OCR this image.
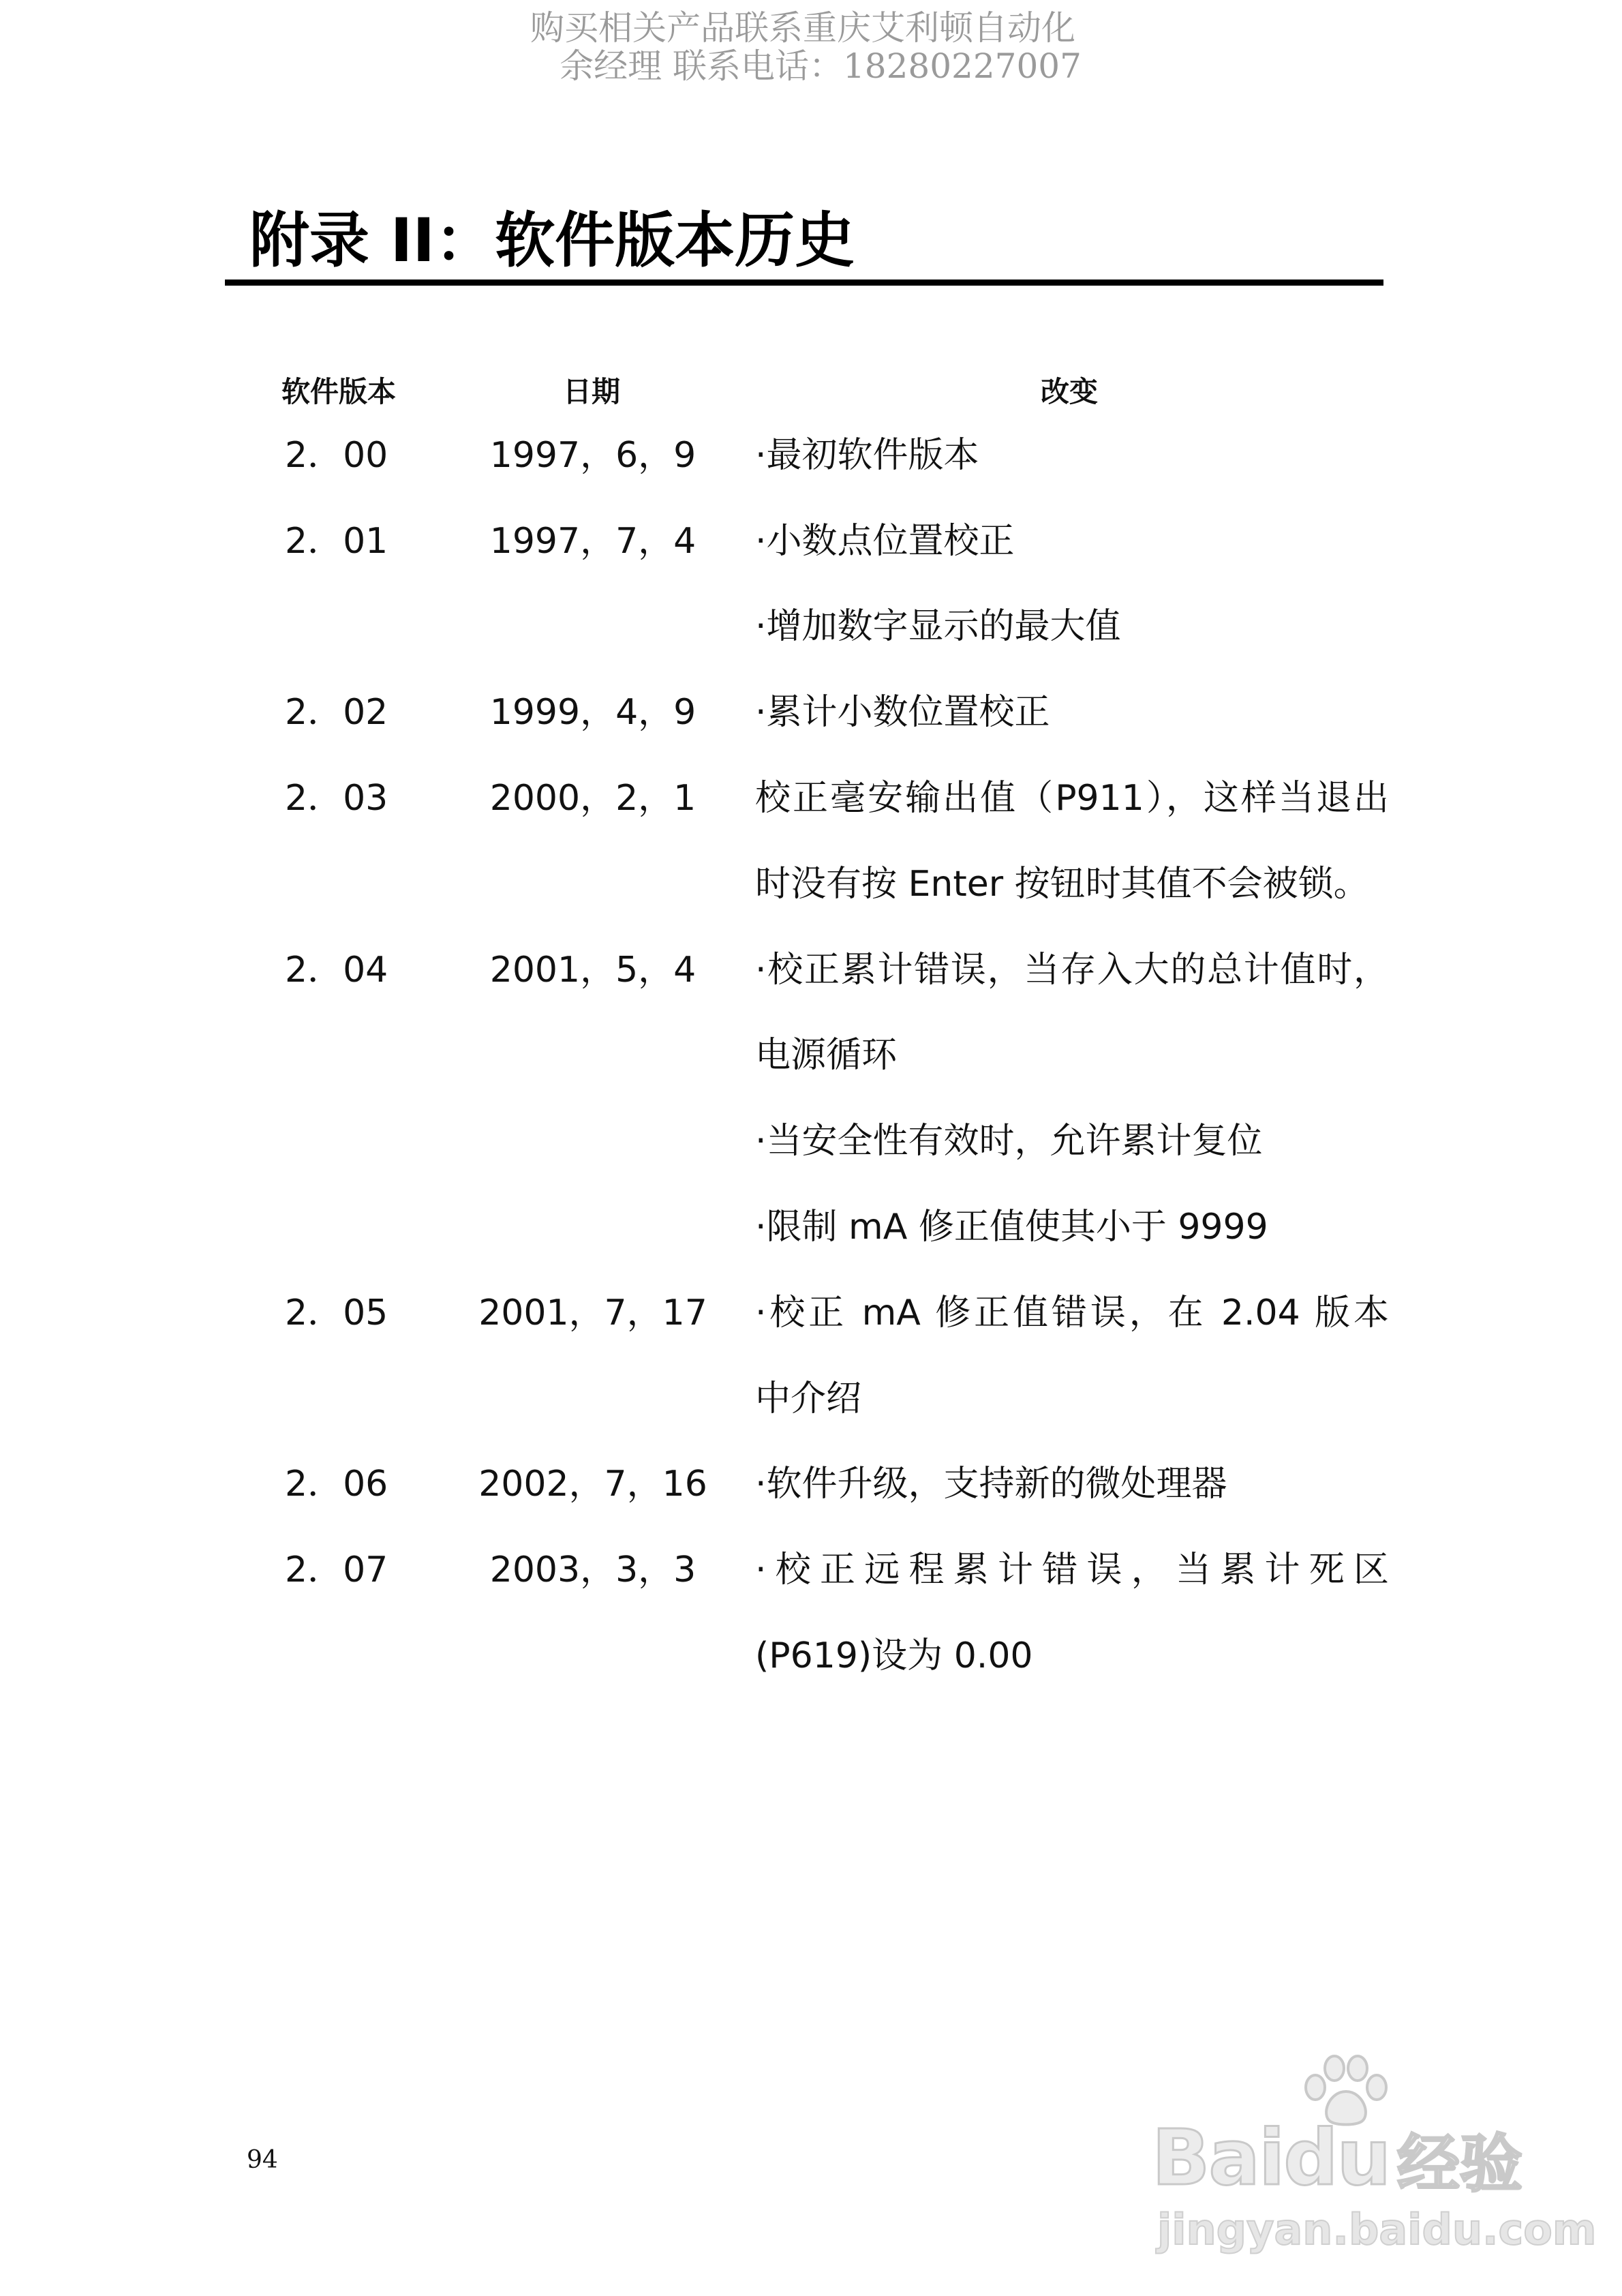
购买相关产品联系重庆艾利顿自动化
余经理 联系电话：18280227007
附录 II：软件版本历史
软件版本	日期	改变
2．00	1997，6，9	·最初软件版本
2．01	1997，7，4	·小数点位置校正
·增加数字显示的最大值
2．02	1999，4，9	·累计小数位置校正
2．03	2000，2，1	校正毫安输出值（P911），这样当退出
时没有按 Enter 按钮时其值不会被锁。
2．04	2001，5，4	·校正累计错误，当存入大的总计值时，
电源循环
·当安全性有效时，允许累计复位
·限制 mA 修正值使其小于 9999
2．05	2001，7，17	·校正 mA 修正值错误，在 2.04 版本
中介绍
2．06	2002，7，16	·软件升级，支持新的微处理器
2．07	2003，3，3	·校正远程累计错误，当累计死区
(P619)设为 0.00
94	Baidu 经验
jingyan.baidu.com
